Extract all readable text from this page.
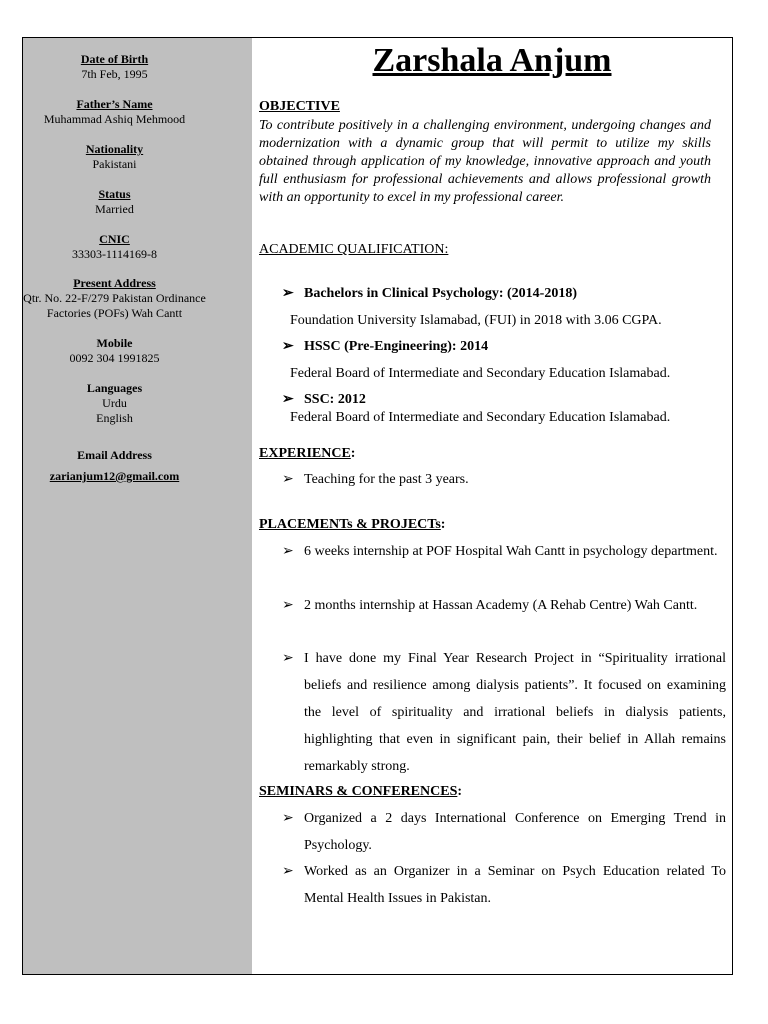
Date of Birth
7th Feb, 1995
Father’s Name
Muhammad Ashiq Mehmood
Nationality
Pakistani
Status
Married
CNIC
33303-1114169-8
Present Address
Qtr. No. 22-F/279 Pakistan Ordinance
Factories (POFs) Wah Cantt
Mobile
0092 304 1991825
Languages
Urdu
English
Email Address
zarianjum12@gmail.com
Zarshala Anjum
OBJECTIVE
To contribute positively in a challenging environment, undergoing changes and modernization with a dynamic group that will permit to utilize my skills obtained through application of my knowledge, innovative approach and youth full enthusiasm for professional achievements and allows professional growth with an opportunity to excel in my professional career.
ACADEMIC QUALIFICATION:
➢ Bachelors in Clinical Psychology: (2014-2018)
Foundation University Islamabad, (FUI) in 2018 with 3.06 CGPA.
➢ HSSC (Pre-Engineering): 2014
Federal Board of Intermediate and Secondary Education Islamabad.
➢ SSC: 2012
Federal Board of Intermediate and Secondary Education Islamabad.
EXPERIENCE:
➢ Teaching for the past 3 years.
PLACEMENTs & PROJECTs:
➢ 6 weeks internship at POF Hospital Wah Cantt in psychology department.
➢ 2 months internship at Hassan Academy (A Rehab Centre) Wah Cantt.
➢ I have done my Final Year Research Project in “Spirituality irrational beliefs and resilience among dialysis patients”. It focused on examining the level of spirituality and irrational beliefs in dialysis patients, highlighting that even in significant pain, their belief in Allah remains remarkably strong.
SEMINARS & CONFERENCES:
➢ Organized a 2 days International Conference on Emerging Trend in Psychology.
➢ Worked as an Organizer in a Seminar on Psych Education related To Mental Health Issues in Pakistan.
